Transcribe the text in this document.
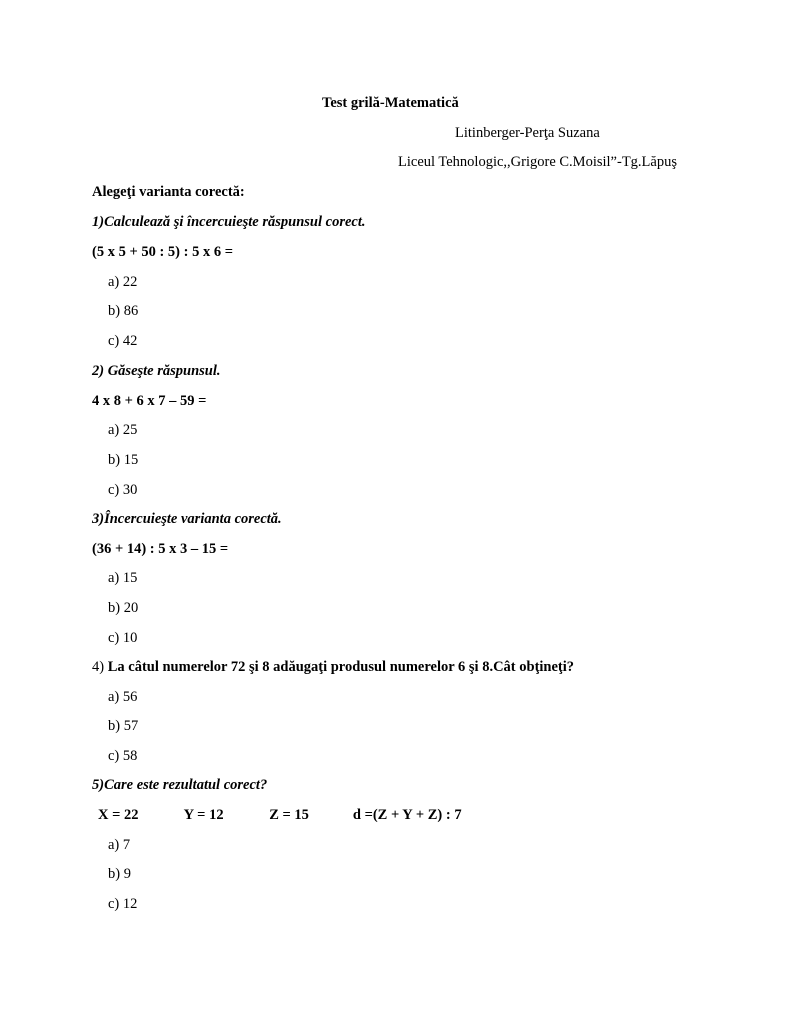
Test grilă-Matematică
Litinberger-Perţa Suzana
Liceul Tehnologic,,Grigore C.Moisil”-Tg.Lăpuş
Alegeţi varianta corectă:
1)Calculează şi încercuieşte răspunsul corect.
(5 x 5 + 50 : 5) : 5 x 6 =
a) 22
b) 86
c) 42
2) Găseşte răspunsul.
4 x 8 + 6 x 7 – 59 =
a) 25
b) 15
c) 30
3)Încercuieşte varianta corectă.
(36 + 14) : 5 x 3 – 15 =
a) 15
b) 20
c) 10
4) La câtul numerelor 72 şi 8 adăugaţi produsul numerelor 6 şi 8.Cât obţineţi?
a) 56
b) 57
c) 58
5)Care este rezultatul corect?
X = 22	Y = 12	Z = 15	d =(Z + Y + Z) : 7
a) 7
b) 9
c) 12
